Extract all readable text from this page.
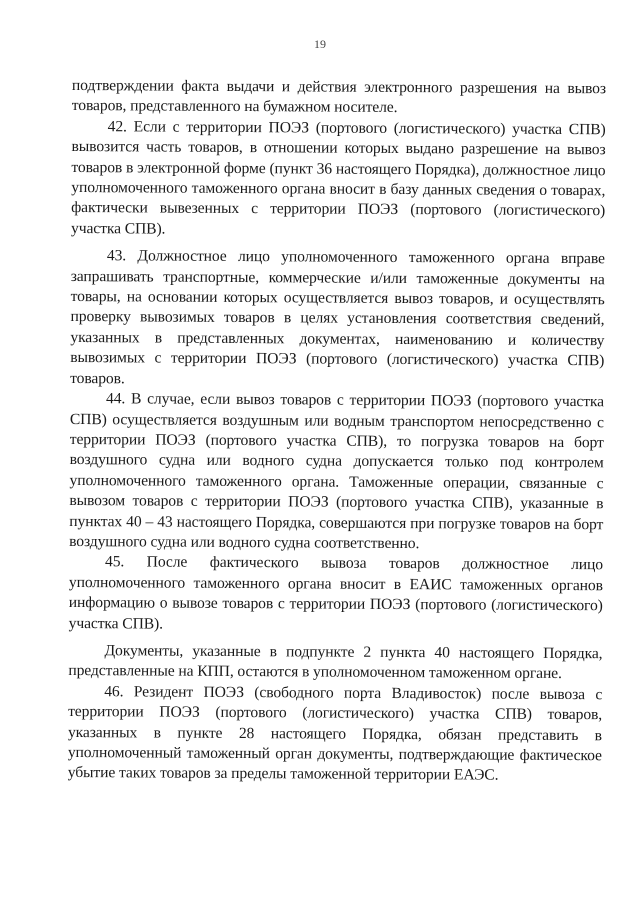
19

подтверждении факта выдачи и действия электронного разрешения на вывоз товаров, представленного на бумажном носителе.

42. Если с территории ПОЭЗ (портового (логистического) участка СПВ) вывозится часть товаров, в отношении которых выдано разрешение на вывоз товаров в электронной форме (пункт 36 настоящего Порядка), должностное лицо уполномоченного таможенного органа вносит в базу данных сведения о товарах, фактически вывезенных с территории ПОЭЗ (портового (логистического) участка СПВ).

43. Должностное лицо уполномоченного таможенного органа вправе запрашивать транспортные, коммерческие и/или таможенные документы на товары, на основании которых осуществляется вывоз товаров, и осуществлять проверку вывозимых товаров в целях установления соответствия сведений, указанных в представленных документах, наименованию и количеству вывозимых с территории ПОЭЗ (портового (логистического) участка СПВ) товаров.

44. В случае, если вывоз товаров с территории ПОЭЗ (портового участка СПВ) осуществляется воздушным или водным транспортом непосредственно с территории ПОЭЗ (портового участка СПВ), то погрузка товаров на борт воздушного судна или водного судна допускается только под контролем уполномоченного таможенного органа. Таможенные операции, связанные с вывозом товаров с территории ПОЭЗ (портового участка СПВ), указанные в пунктах 40 – 43 настоящего Порядка, совершаются при погрузке товаров на борт воздушного судна или водного судна соответственно.

45. После фактического вывоза товаров должностное лицо уполномоченного таможенного органа вносит в ЕАИС таможенных органов информацию о вывозе товаров с территории ПОЭЗ (портового (логистического) участка СПВ).

Документы, указанные в подпункте 2 пункта 40 настоящего Порядка, представленные на КПП, остаются в уполномоченном таможенном органе.

46. Резидент ПОЭЗ (свободного порта Владивосток) после вывоза с территории ПОЭЗ (портового (логистического) участка СПВ) товаров, указанных в пункте 28 настоящего Порядка, обязан представить в уполномоченный таможенный орган документы, подтверждающие фактическое убытие таких товаров за пределы таможенной территории ЕАЭС.
